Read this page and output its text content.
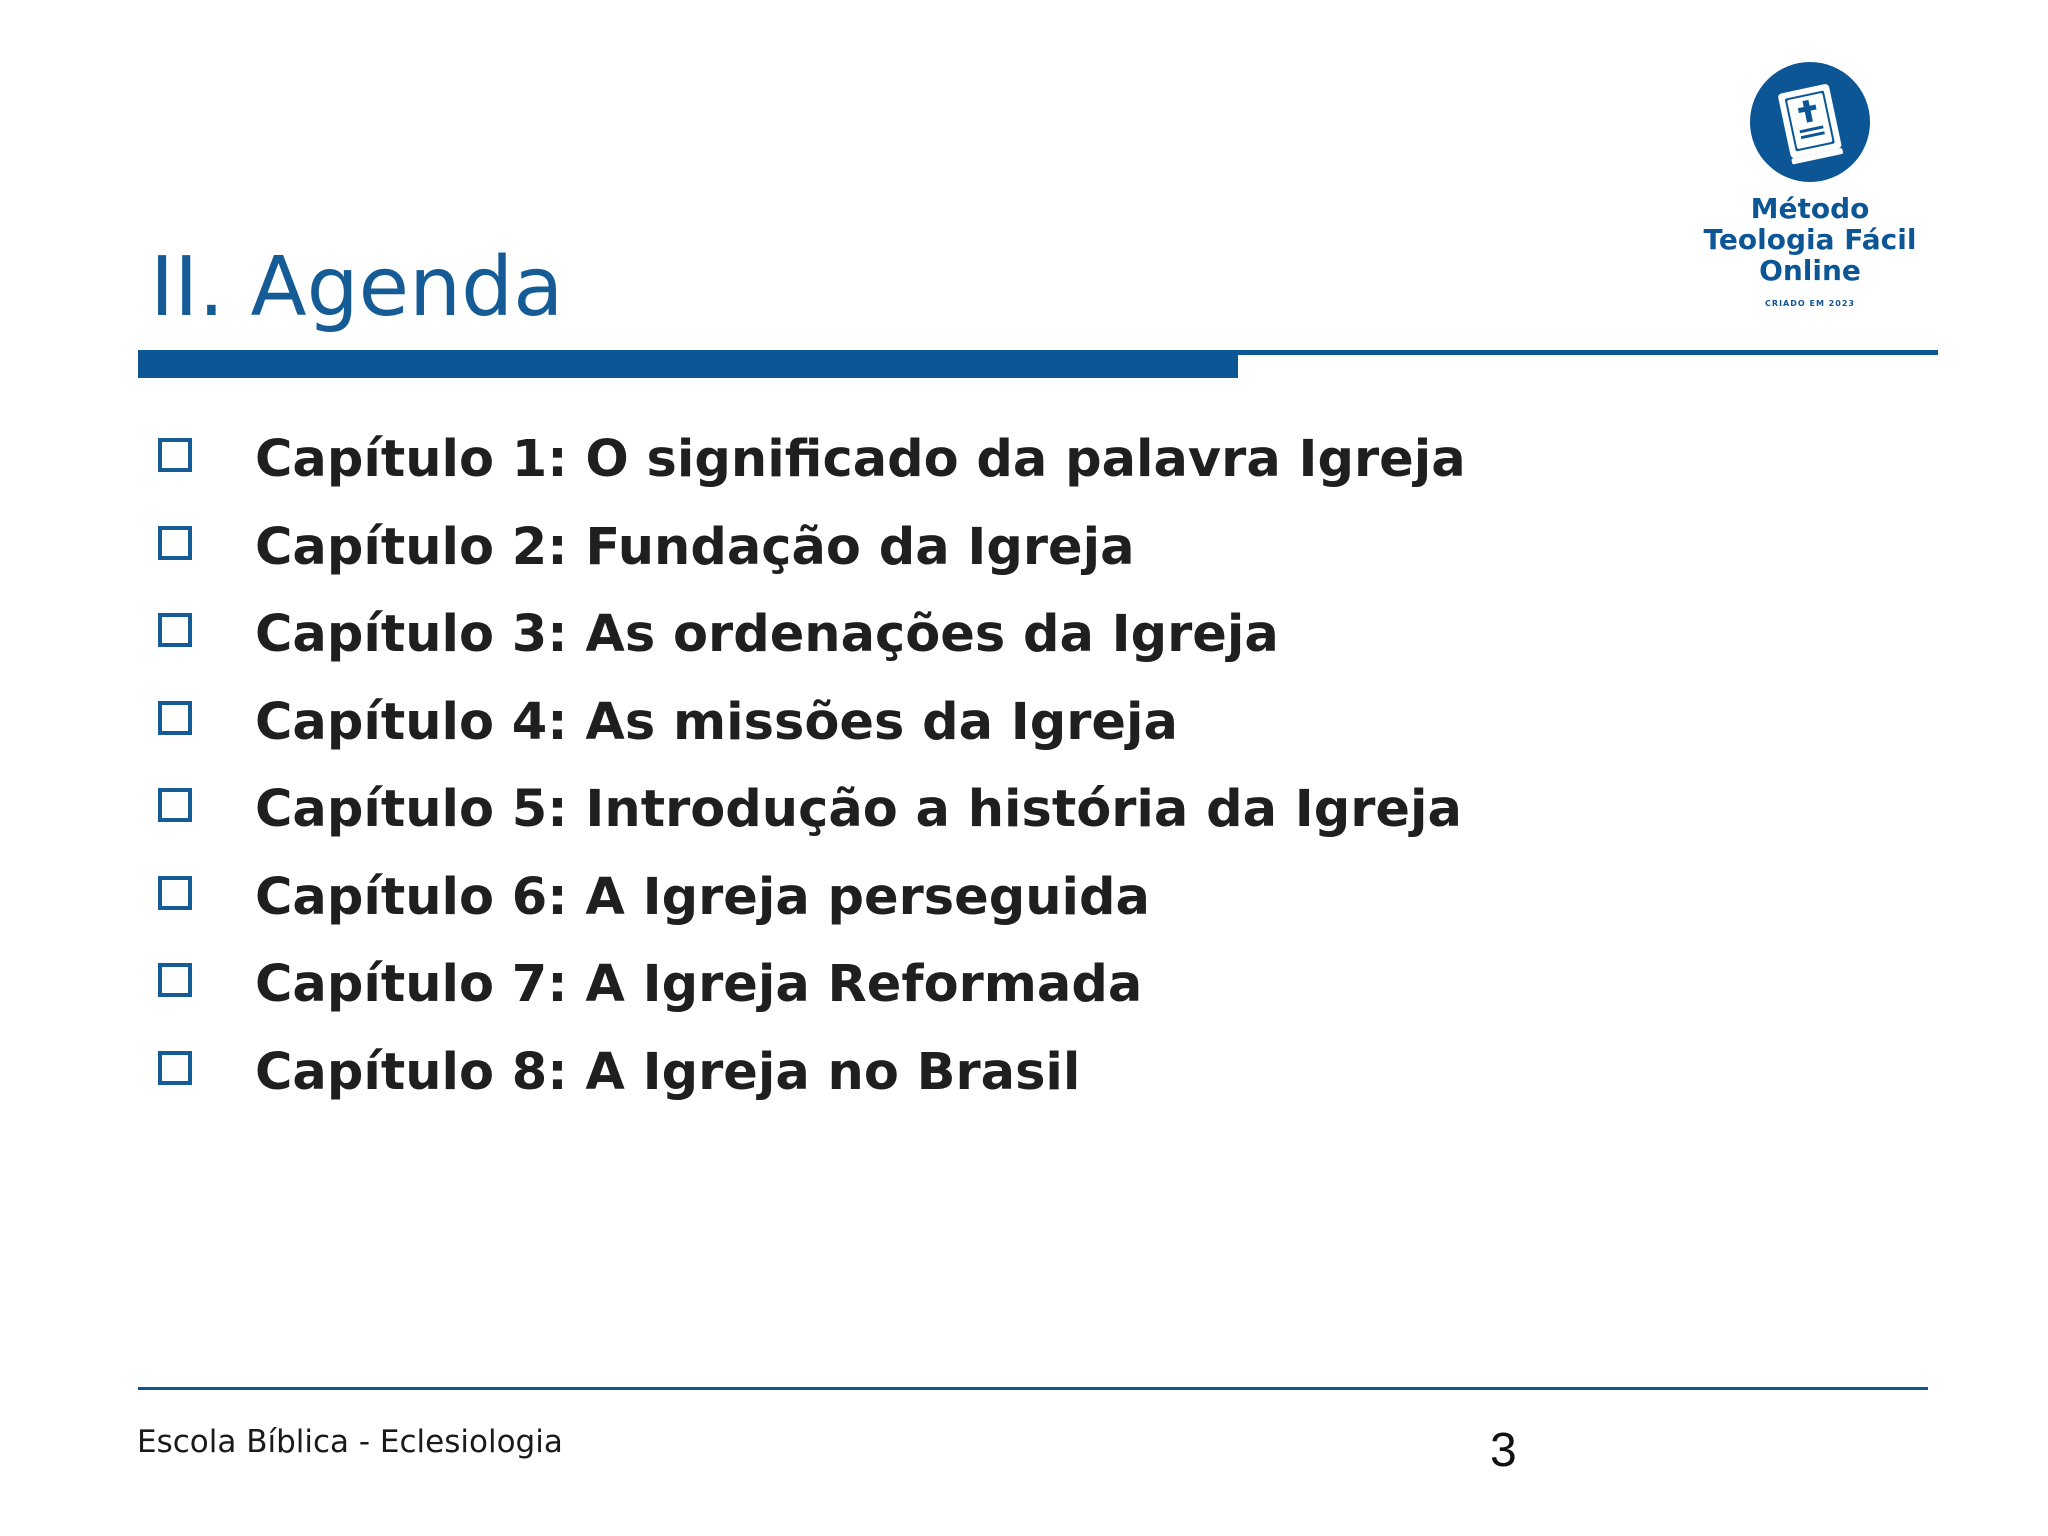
II. Agenda
Método
Teologia Fácil
Online
CRIADO EM 2023
Capítulo 1: O significado da palavra Igreja
Capítulo 2: Fundação da Igreja
Capítulo 3: As ordenações da Igreja
Capítulo 4: As missões da Igreja
Capítulo 5: Introdução a história da Igreja
Capítulo 6: A Igreja perseguida
Capítulo 7: A Igreja Reformada
Capítulo 8: A Igreja no Brasil
Escola Bíblica - Eclesiologia	3
